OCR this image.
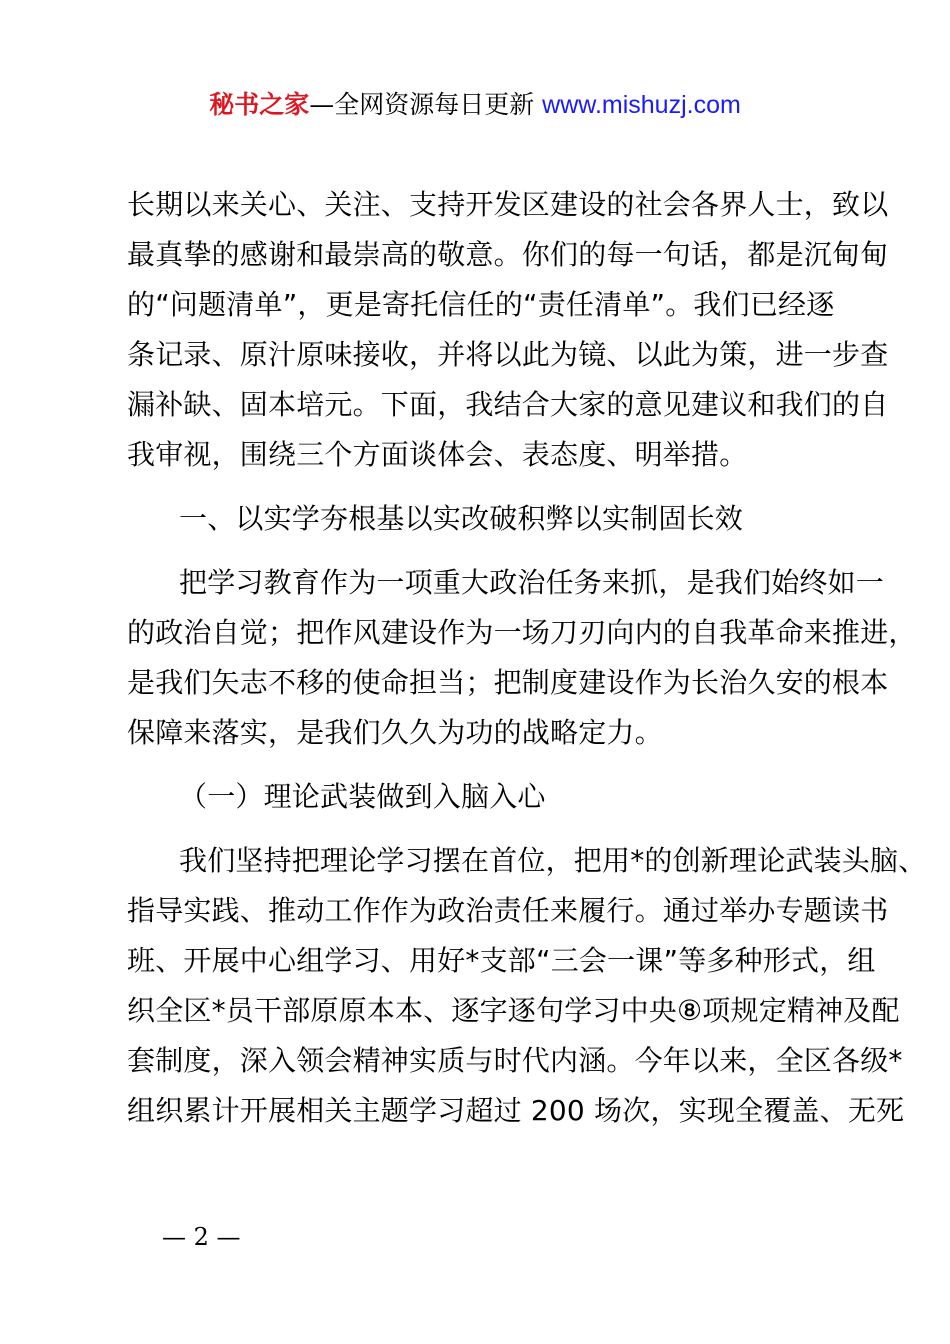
秘书之家—全网资源每日更新 www.mishuzj.com
长期以来关心、关注、支持开发区建设的社会各界人士，致以
最真挚的感谢和最崇高的敬意。你们的每一句话，都是沉甸甸
的“问题清单”，更是寄托信任的“责任清单”。我们已经逐
条记录、原汁原味接收，并将以此为镜、以此为策，进一步查
漏补缺、固本培元。下面，我结合大家的意见建议和我们的自
我审视，围绕三个方面谈体会、表态度、明举措。
一、以实学夯根基以实改破积弊以实制固长效
把学习教育作为一项重大政治任务来抓，是我们始终如一
的政治自觉；把作风建设作为一场刀刃向内的自我革命来推进，
是我们矢志不移的使命担当；把制度建设作为长治久安的根本
保障来落实，是我们久久为功的战略定力。
（一）理论武装做到入脑入心
我们坚持把理论学习摆在首位，把用*的创新理论武装头脑、
指导实践、推动工作作为政治责任来履行。通过举办专题读书
班、开展中心组学习、用好*支部“三会一课”等多种形式，组
织全区*员干部原原本本、逐字逐句学习中央⑧项规定精神及配
套制度，深入领会精神实质与时代内涵。今年以来，全区各级*
组织累计开展相关主题学习超过 200 场次，实现全覆盖、无死
— 2 —
